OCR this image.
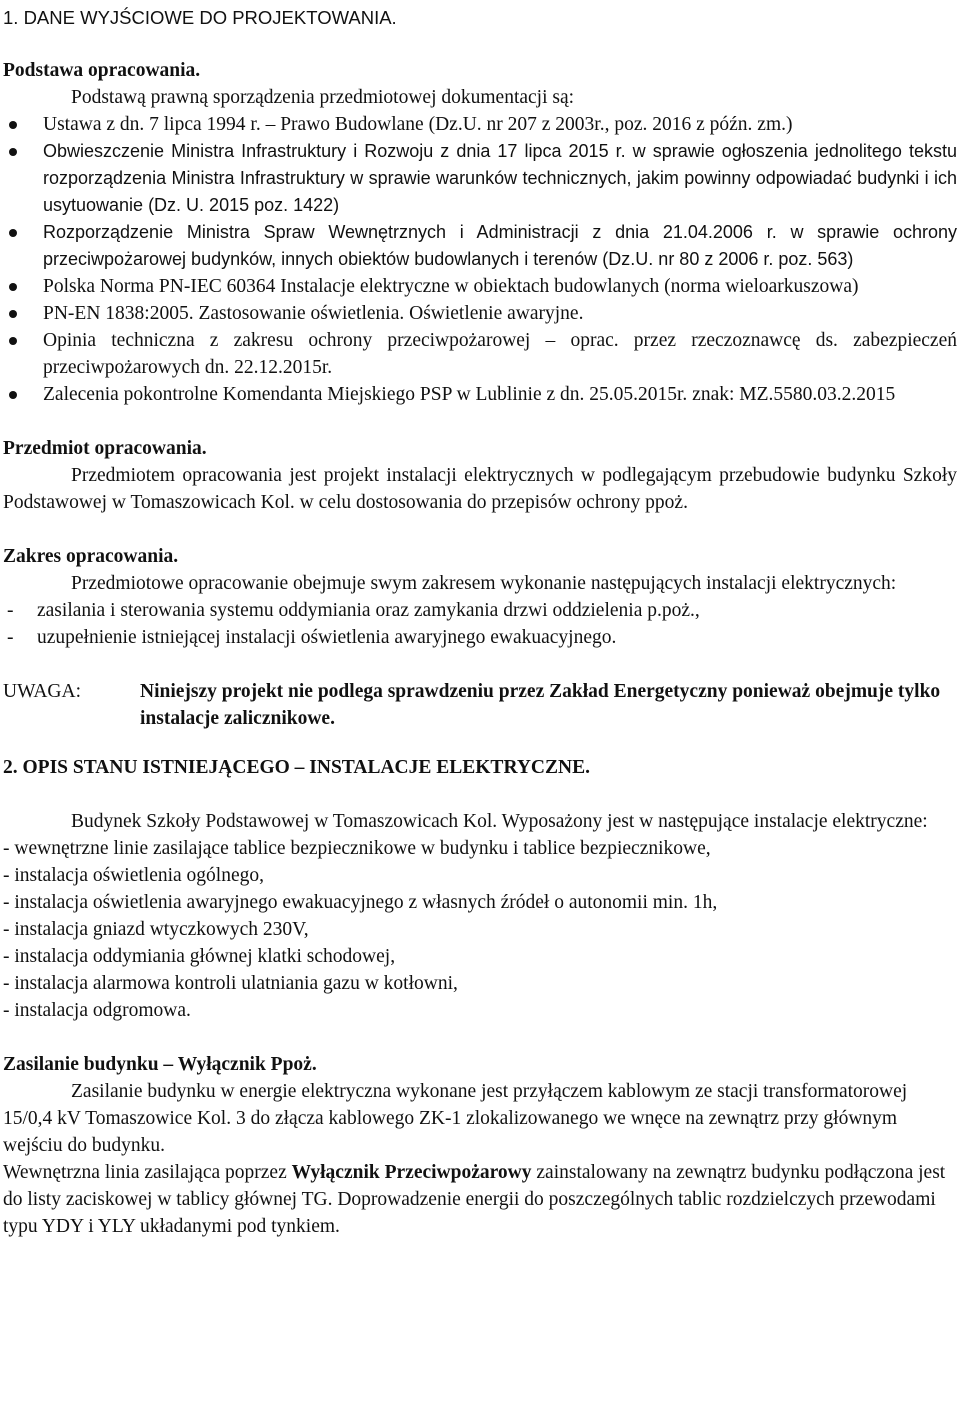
1. DANE WYJŚCIOWE DO PROJEKTOWANIA.
Podstawa opracowania.
Podstawą prawną sporządzenia przedmiotowej dokumentacji są:
Ustawa z dn. 7 lipca 1994 r. – Prawo Budowlane (Dz.U. nr 207 z 2003r., poz. 2016 z późn. zm.)
Obwieszczenie Ministra Infrastruktury i Rozwoju z dnia 17 lipca 2015 r. w sprawie ogłoszenia jednolitego tekstu rozporządzenia Ministra Infrastruktury w sprawie warunków technicznych, jakim powinny odpowiadać budynki i ich usytuowanie (Dz. U. 2015 poz. 1422)
Rozporządzenie Ministra Spraw Wewnętrznych i Administracji z dnia 21.04.2006 r. w sprawie ochrony przeciwpożarowej budynków, innych obiektów budowlanych i terenów (Dz.U. nr 80 z 2006 r. poz. 563)
Polska Norma PN-IEC 60364 Instalacje elektryczne w obiektach budowlanych (norma wieloarkuszowa)
PN-EN 1838:2005. Zastosowanie oświetlenia. Oświetlenie awaryjne.
Opinia techniczna z zakresu ochrony przeciwpożarowej – oprac. przez rzeczoznawcę ds. zabezpieczeń przeciwpożarowych dn. 22.12.2015r.
Zalecenia pokontrolne Komendanta Miejskiego PSP w Lublinie z dn. 25.05.2015r. znak: MZ.5580.03.2.2015
Przedmiot opracowania.
Przedmiotem opracowania jest projekt instalacji elektrycznych w podlegającym przebudowie budynku Szkoły Podstawowej w Tomaszowicach Kol. w celu dostosowania do przepisów ochrony ppoż.
Zakres opracowania.
Przedmiotowe opracowanie obejmuje swym zakresem wykonanie następujących instalacji elektrycznych:
- zasilania i sterowania systemu oddymiania oraz zamykania drzwi oddzielenia p.poż.,
- uzupełnienie istniejącej instalacji oświetlenia awaryjnego ewakuacyjnego.
UWAGA:	Niniejszy projekt nie podlega sprawdzeniu przez Zakład Energetyczny ponieważ obejmuje tylko instalacje zalicznikowe.
2. OPIS STANU ISTNIEJĄCEGO – INSTALACJE ELEKTRYCZNE.
Budynek Szkoły Podstawowej w Tomaszowicach Kol. Wyposażony jest w następujące instalacje elektryczne:
- wewnętrzne linie zasilające tablice bezpiecznikowe w budynku i tablice bezpiecznikowe,
- instalacja oświetlenia ogólnego,
- instalacja oświetlenia awaryjnego ewakuacyjnego z własnych źródeł o autonomii min. 1h,
- instalacja gniazd wtyczkowych 230V,
- instalacja oddymiania głównej klatki schodowej,
- instalacja alarmowa kontroli ulatniania gazu w kotłowni,
- instalacja odgromowa.
Zasilanie budynku – Wyłącznik Ppoż.
Zasilanie budynku w energie elektryczna wykonane jest przyłączem kablowym ze stacji transformatorowej 15/0,4 kV Tomaszowice Kol. 3 do złącza kablowego ZK-1 zlokalizowanego we wnęce na zewnątrz przy głównym wejściu do budynku.
Wewnętrzna linia zasilająca poprzez Wyłącznik Przeciwpożarowy zainstalowany na zewnątrz budynku podłączona jest do listy zaciskowej w tablicy głównej TG. Doprowadzenie energii do poszczególnych tablic rozdzielczych przewodami typu YDY i YLY układanymi pod tynkiem.
